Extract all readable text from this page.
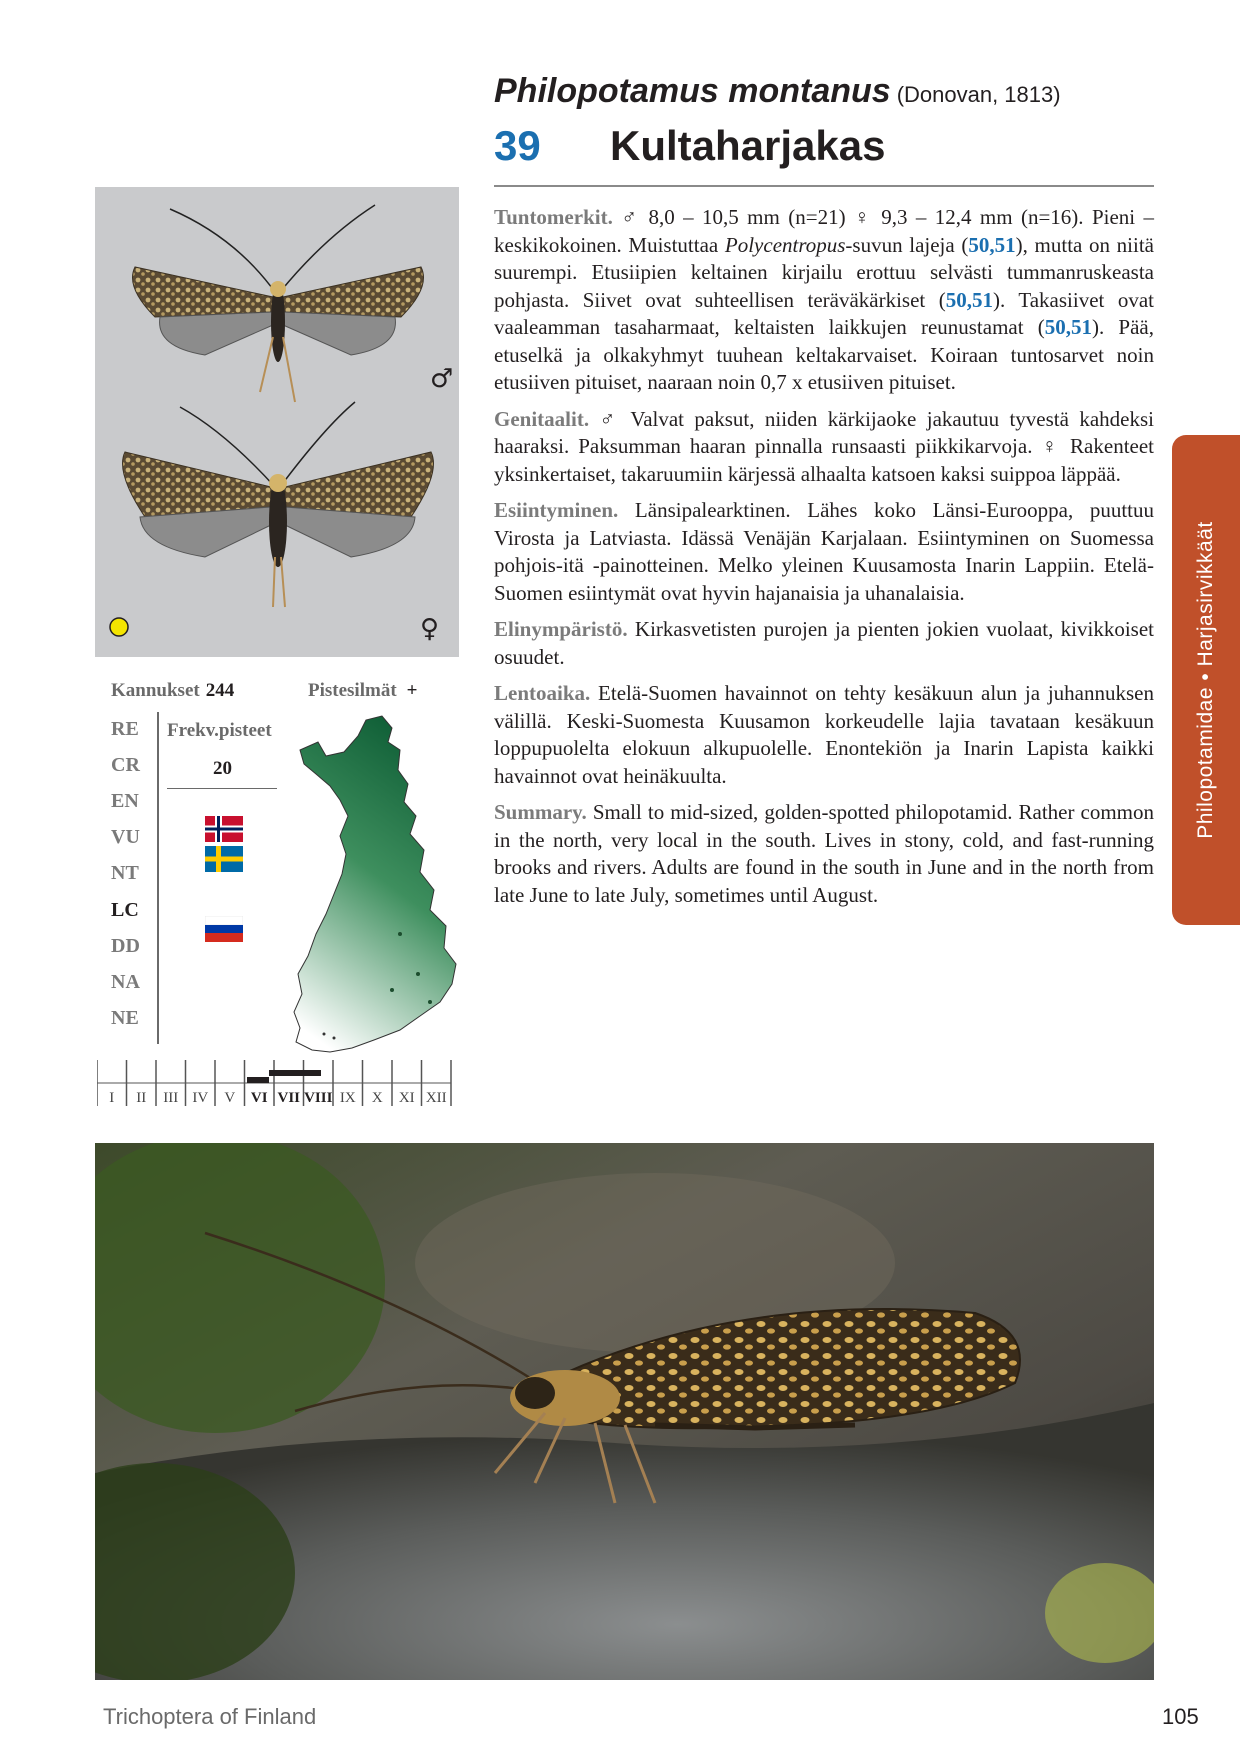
Philopotamus montanus (Donovan, 1813)
39 Kultaharjakas
♂
♀
Kannukset 244	Pistesilmät +
RE
CR
EN
VU
NT
LC
DD
NA
NE
Frekv.pisteet
20
I II III IV V VI VII VIII IX X XI XII

Tuntomerkit. ♂ 8,0 – 10,5 mm (n=21) ♀ 9,3 – 12,4 mm (n=16). Pieni – keskikokoinen. Muistuttaa Polycentropus-suvun lajeja (50,51), mutta on niitä suurempi. Etusiipien keltainen kirjailu erottuu selvästi tummanruskeasta pohjasta. Siivet ovat suhteellisen teräväkärkiset (50,51). Takasiivet ovat vaaleamman tasaharmaat, keltaisten laikkujen reunustamat (50,51). Pää, etuselkä ja olkakyhmyt tuuhean keltakarvaiset. Koiraan tuntosarvet noin etusiiven pituiset, naaraan noin 0,7 x etusiiven pituiset.

Genitaalit. ♂ Valvat paksut, niiden kärkijaoke jakautuu tyvestä kahdeksi haaraksi. Paksumman haaran pinnalla runsaasti piikkikarvoja. ♀ Rakenteet yksinkertaiset, takaruumiin kärjessä alhaalta katsoen kaksi suippoa läppää.

Esiintyminen. Länsipalearktinen. Lähes koko Länsi-Eurooppa, puuttuu Virosta ja Latviasta. Idässä Venäjän Karjalaan. Esiintyminen on Suomessa pohjois-itä -painotteinen. Melko yleinen Kuusamosta Inarin Lappiin. Etelä-Suomen esiintymät ovat hyvin hajanaisia ja uhanalaisia.

Elinympäristö. Kirkasvetisten purojen ja pienten jokien vuolaat, kivikkoiset osuudet.

Lentoaika. Etelä-Suomen havainnot on tehty kesäkuun alun ja juhannuksen välillä. Keski-Suomesta Kuusamon korkeudelle lajia tavataan kesäkuun loppupuolelta elokuun alkupuolelle. Enontekiön ja Inarin Lapista kaikki havainnot ovat heinäkuulta.

Summary. Small to mid-sized, golden-spotted philopotamid. Rather common in the north, very local in the south. Lives in stony, cold, and fast-running brooks and rivers. Adults are found in the south in June and in the north from late June to late July, sometimes until August.

Philopotamidae • Harjasirvikkäät
Trichoptera of Finland	105
